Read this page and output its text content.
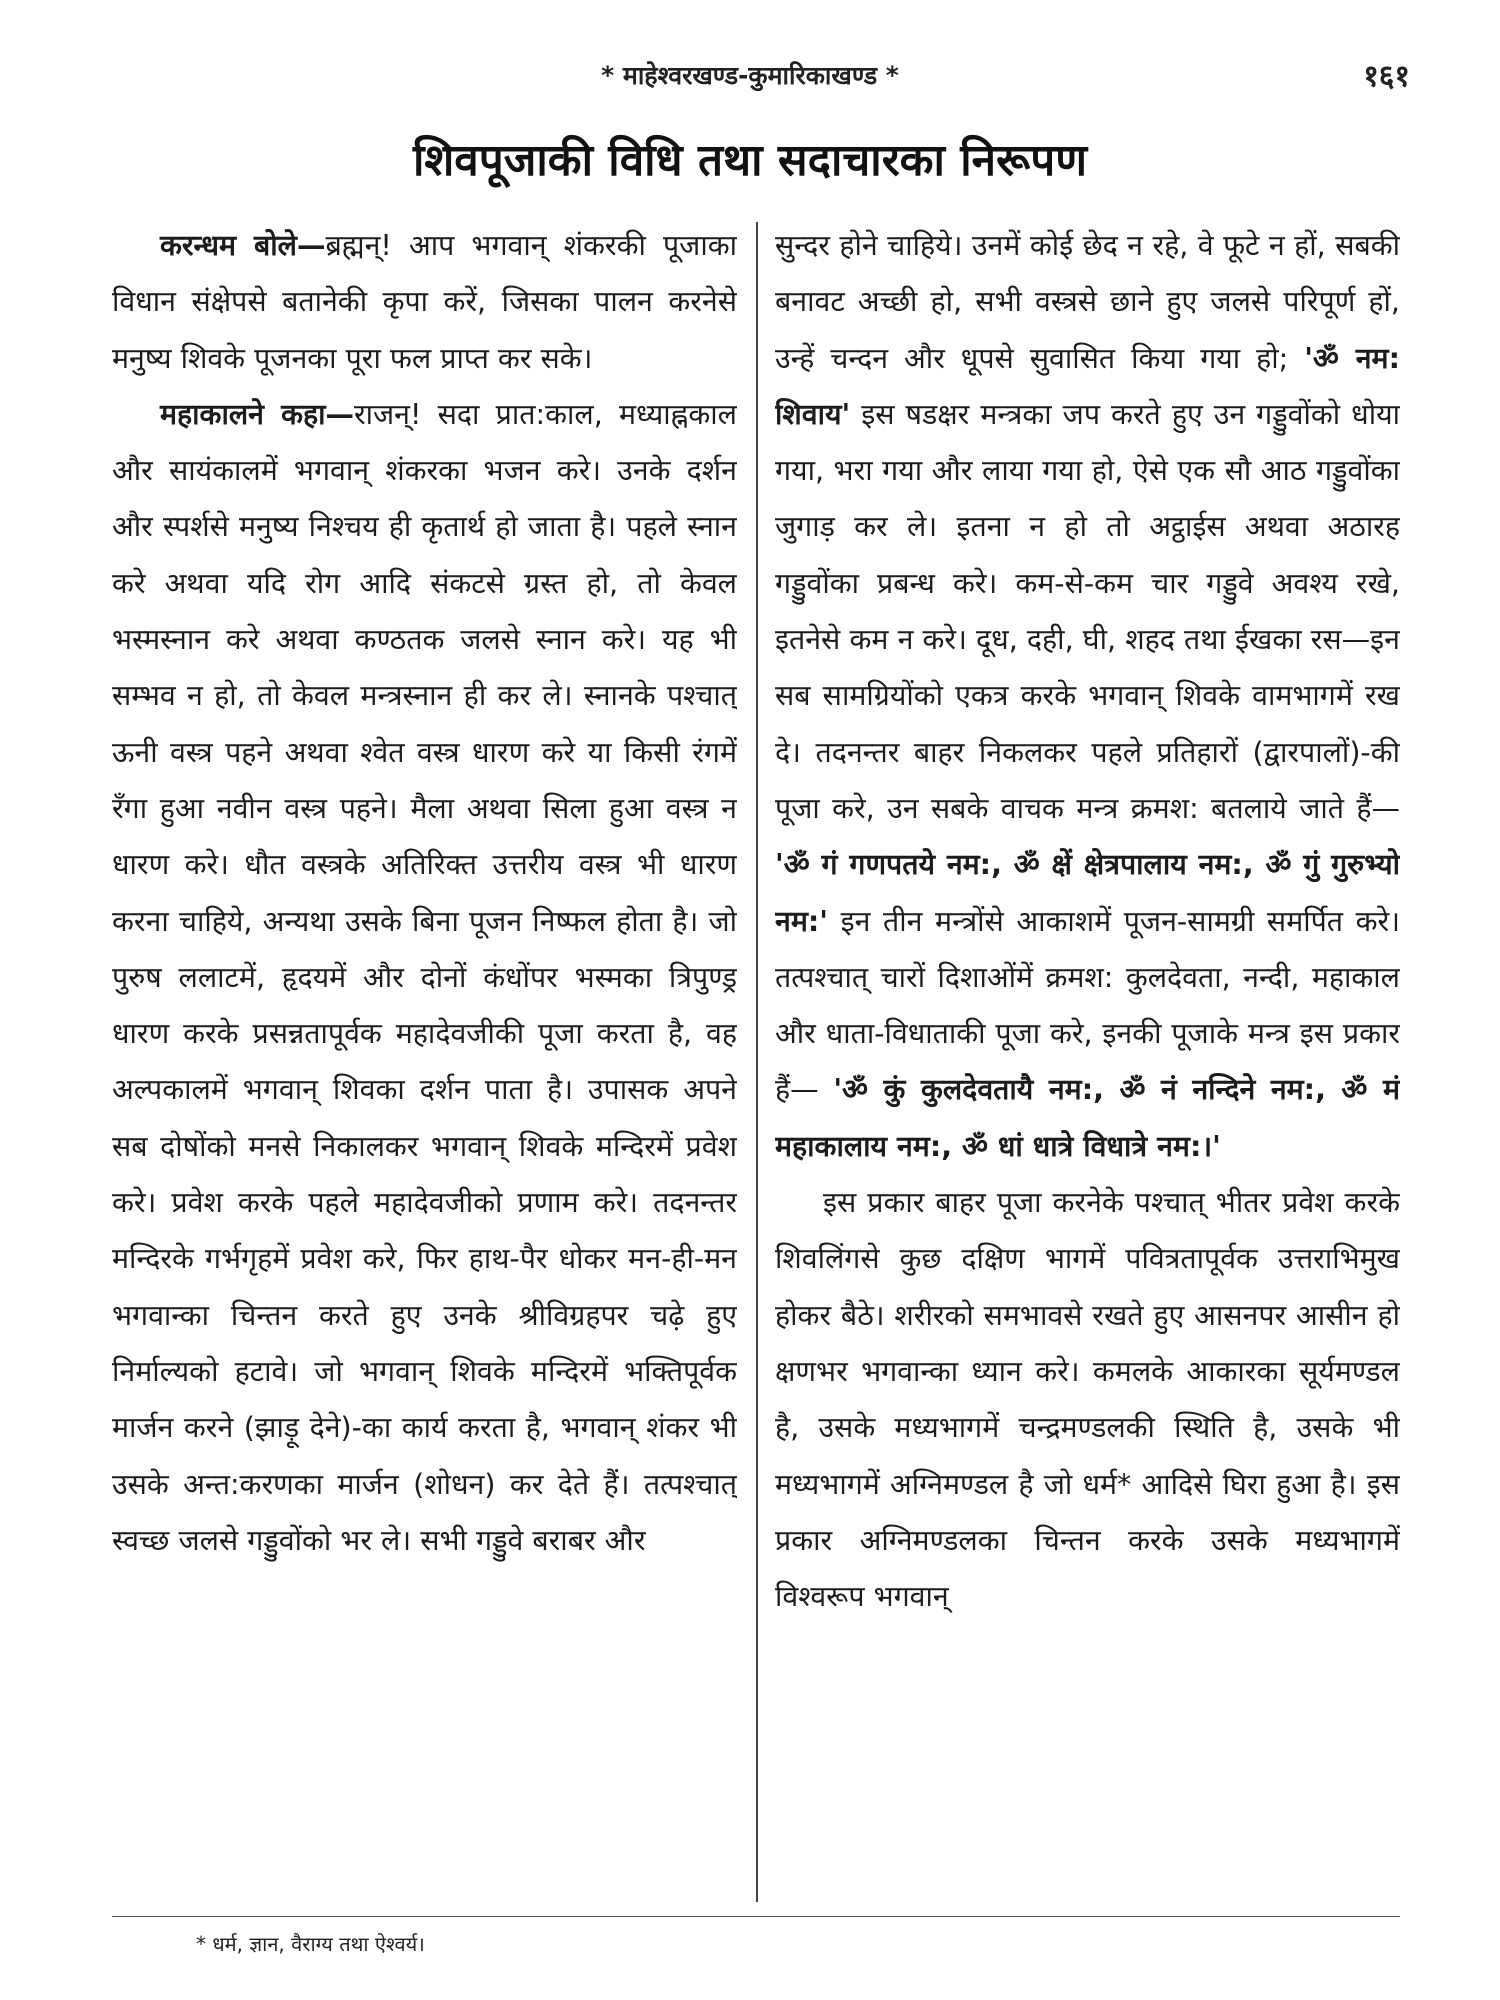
* माहेश्वरखण्ड-कुमारिकाखण्ड *	१६१
शिवपूजाकी विधि तथा सदाचारका निरूपण

करन्धम बोले—ब्रह्मन्! आप भगवान् शंकरकी पूजाका विधान संक्षेपसे बतानेकी कृपा करें, जिसका पालन करनेसे मनुष्य शिवके पूजनका पूरा फल प्राप्त कर सके।

महाकालने कहा—राजन्! सदा प्रात:काल, मध्याह्नकाल और सायंकालमें भगवान् शंकरका भजन करे। उनके दर्शन और स्पर्शसे मनुष्य निश्चय ही कृतार्थ हो जाता है। पहले स्नान करे अथवा यदि रोग आदि संकटसे ग्रस्त हो, तो केवल भस्मस्नान करे अथवा कण्ठतक जलसे स्नान करे। यह भी सम्भव न हो, तो केवल मन्त्रस्नान ही कर ले। स्नानके पश्चात् ऊनी वस्त्र पहने अथवा श्वेत वस्त्र धारण करे या किसी रंगमें रँगा हुआ नवीन वस्त्र पहने। मैला अथवा सिला हुआ वस्त्र न धारण करे। धौत वस्त्रके अतिरिक्त उत्तरीय वस्त्र भी धारण करना चाहिये, अन्यथा उसके बिना पूजन निष्फल होता है। जो पुरुष ललाटमें, हृदयमें और दोनों कंधोंपर भस्मका त्रिपुण्ड्र धारण करके प्रसन्नतापूर्वक महादेवजीकी पूजा करता है, वह अल्पकालमें भगवान् शिवका दर्शन पाता है। उपासक अपने सब दोषोंको मनसे निकालकर भगवान् शिवके मन्दिरमें प्रवेश करे। प्रवेश करके पहले महादेवजीको प्रणाम करे। तदनन्तर मन्दिरके गर्भगृहमें प्रवेश करे, फिर हाथ-पैर धोकर मन-ही-मन भगवान्का चिन्तन करते हुए उनके श्रीविग्रहपर चढ़े हुए निर्माल्यको हटावे। जो भगवान् शिवके मन्दिरमें भक्तिपूर्वक मार्जन करने (झाड़ू देने)-का कार्य करता है, भगवान् शंकर भी उसके अन्त:करणका मार्जन (शोधन) कर देते हैं। तत्पश्चात् स्वच्छ जलसे गड्डुवोंको भर ले। सभी गड्डुवे बराबर और

सुन्दर होने चाहिये। उनमें कोई छेद न रहे, वे फूटे न हों, सबकी बनावट अच्छी हो, सभी वस्त्रसे छाने हुए जलसे परिपूर्ण हों, उन्हें चन्दन और धूपसे सुवासित किया गया हो; 'ॐ नम: शिवाय' इस षडक्षर मन्त्रका जप करते हुए उन गड्डुवोंको धोया गया, भरा गया और लाया गया हो, ऐसे एक सौ आठ गड्डुवोंका जुगाड़ कर ले। इतना न हो तो अट्ठाईस अथवा अठारह गड्डुवोंका प्रबन्ध करे। कम-से-कम चार गड्डुवे अवश्य रखे, इतनेसे कम न करे। दूध, दही, घी, शहद तथा ईखका रस—इन सब सामग्रियोंको एकत्र करके भगवान् शिवके वामभागमें रख दे। तदनन्तर बाहर निकलकर पहले प्रतिहारों (द्वारपालों)-की पूजा करे, उन सबके वाचक मन्त्र क्रमश: बतलाये जाते हैं— 'ॐ गं गणपतये नम:, ॐ क्षें क्षेत्रपालाय नम:, ॐ गुं गुरुभ्यो नम:' इन तीन मन्त्रोंसे आकाशमें पूजन-सामग्री समर्पित करे। तत्पश्चात् चारों दिशाओंमें क्रमश: कुलदेवता, नन्दी, महाकाल और धाता-विधाताकी पूजा करे, इनकी पूजाके मन्त्र इस प्रकार हैं— 'ॐ कुं कुलदेवतायै नम:, ॐ नं नन्दिने नम:, ॐ मं महाकालाय नम:, ॐ धां धात्रे विधात्रे नम:।'

इस प्रकार बाहर पूजा करनेके पश्चात् भीतर प्रवेश करके शिवलिंगसे कुछ दक्षिण भागमें पवित्रतापूर्वक उत्तराभिमुख होकर बैठे। शरीरको समभावसे रखते हुए आसनपर आसीन हो क्षणभर भगवान्का ध्यान करे। कमलके आकारका सूर्यमण्डल है, उसके मध्यभागमें चन्द्रमण्डलकी स्थिति है, उसके भी मध्यभागमें अग्निमण्डल है जो धर्म* आदिसे घिरा हुआ है। इस प्रकार अग्निमण्डलका चिन्तन करके उसके मध्यभागमें विश्वरूप भगवान्

* धर्म, ज्ञान, वैराग्य तथा ऐश्वर्य।
